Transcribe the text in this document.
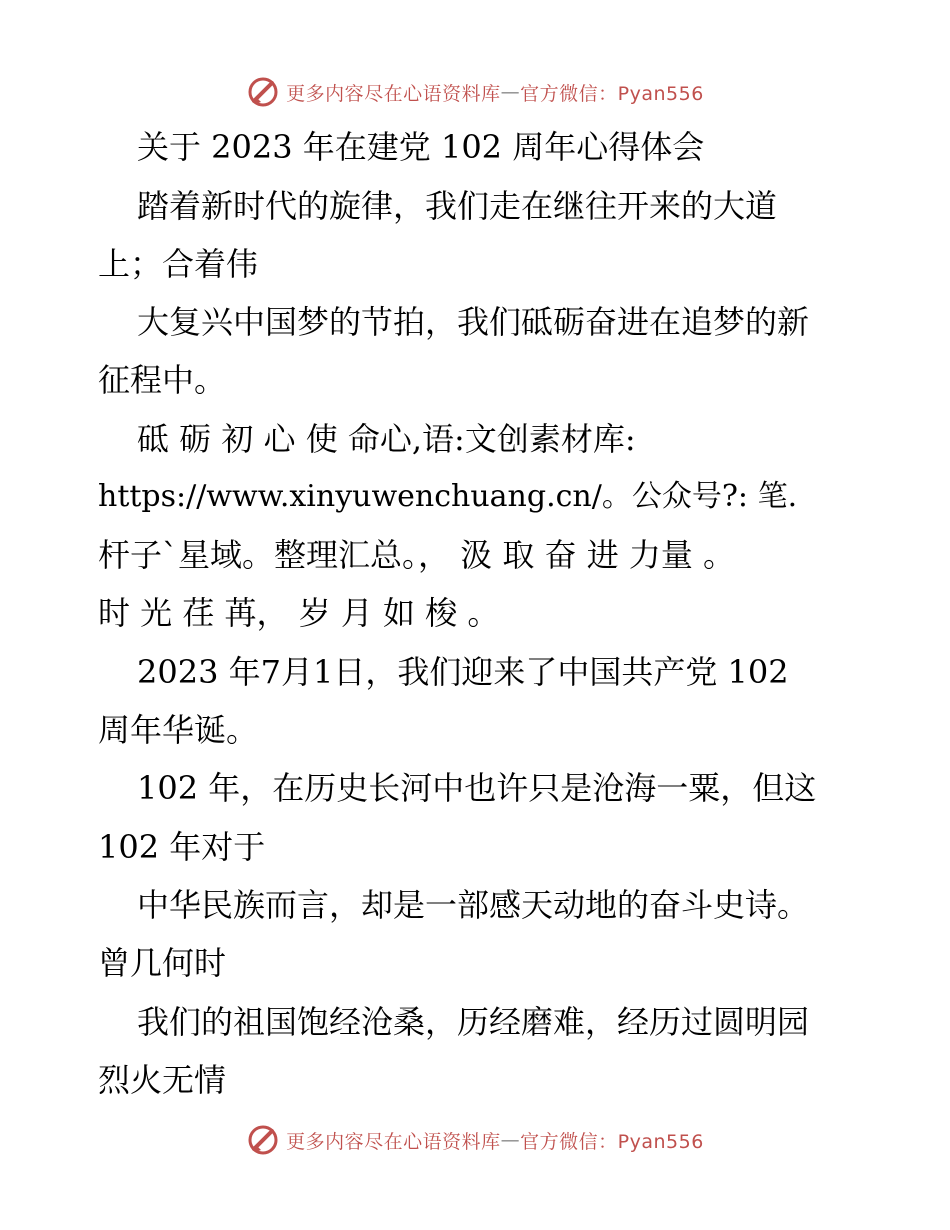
更多内容尽在心语资料库 — 官方微信：Pyan556
关于 2023 年在建党 102 周年心得体会
踏着新时代的旋律，我们走在继往开来的大道
上；合着伟
大复兴中国梦的节拍，我们砥砺奋进在追梦的新
征程中。
砥 砺 初 心 使 命心,语:文创素材库:
https://www.xinyuwenchuang.cn/。公众号?: 笔.
杆子`星域。整理汇总。， 汲 取 奋 进 力量 。
时 光 荏 苒， 岁 月 如 梭 。
2023 年7月1日，我们迎来了中国共产党 102
周年华诞。
102 年，在历史长河中也许只是沧海一粟，但这
102 年对于
中华民族而言，却是一部感天动地的奋斗史诗。
曾几何时
我们的祖国饱经沧桑，历经磨难，经历过圆明园
烈火无情
更多内容尽在心语资料库 — 官方微信：Pyan556
